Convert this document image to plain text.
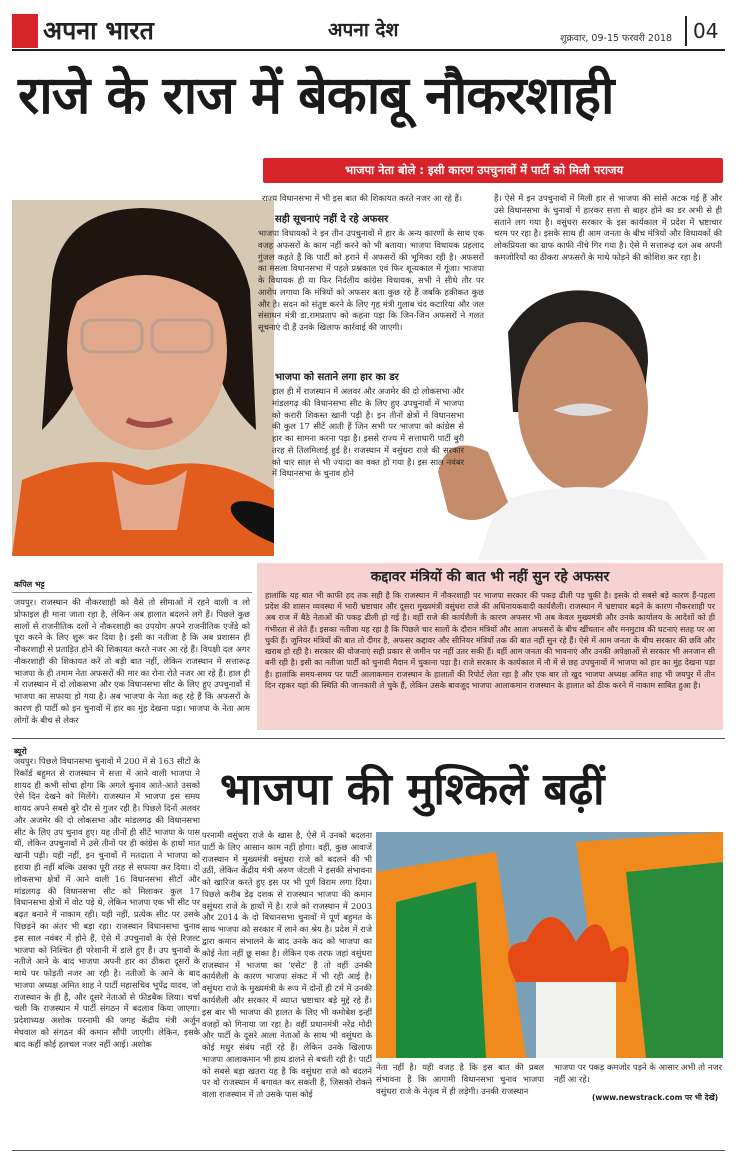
अपना भारत	अपना देश	शुक्रवार, 09-15 फरवरी 2018 04
राजे के राज में बेकाबू नौकरशाही
भाजपा नेता बोले : इसी कारण उपचुनावों में पार्टी को मिली पराजय
राज्य विधानसभा में भी इस बात की शिकायत करते नजर आ रहे हैं।
सही सूचनाएं नहीं दे रहे अफसर
भाजपा विधायकों ने इन तीन उपचुनावों में हार के अन्य कारणों के साथ एक वजह अफसरों के काम नहीं करने को भी बताया। भाजपा विधायक प्रहलाद गुंजल कहते हैं कि पार्टी को हराने में अफसरों की भूमिका रही है। अफसरों का मसला विधानसभा में पहले प्रश्नकाल एवं फिर शून्यकाल में गूंजा। भाजपा के विधायक ही या फिर निर्दलीय कांग्रेस विधायक, सभी ने सीधे तौर पर आरोप लगाया कि मंत्रियों को अफसर बता कुछ रहे हैं जबकि हकीकत कुछ और है। सदन को संतुष्ट करने के लिए गृह मंत्री गुलाब चंद कटारिया और जल संसाधन मंत्री डा.रामप्रताप को कहना पड़ा कि जिन-जिन अफसरों ने गलत सूचनाएं दी हैं उनके खिलाफ कार्रवाई की जाएगी।
भाजपा को सताने लगा हार का डर
हाल ही में राजस्थान में अलवर और अजमेर की दो लोकसभा और मांडलगढ़ की विधानसभा सीट के लिए हुए उपचुनावों में भाजपा को करारी शिकस्त खानी पड़ी है। इन तीनों क्षेत्रों में विधानसभा की कुल 17 सीटें आती हैं जिन सभी पर भाजपा को कांग्रेस से हार का सामना करना पड़ा है। इससे राज्य में सत्ताधारी पार्टी बुरी तरह से तिलमिलाई हुई है। राजस्थान में वसुंधरा राजे की सरकार को चार साल से भी ज्यादा का वक्त हो गया है। इस साल नवंबर में विधानसभा के चुनाव होने
हैं। ऐसे में इन उपचुनावों में मिली हार से भाजपा की सांसें अटक गई हैं और उसे विधानसभा के चुनावों में हारकर सत्ता से बाहर होने का डर अभी से ही सताने लग गया है। वसुंधरा सरकार के इस कार्यकाल में प्रदेश में भ्रष्टाचार चरम पर रहा है। इसके साथ ही आम जनता के बीच मंत्रियों और विधायकों की लोकप्रियता का ग्राफ काफी नीचे गिर गया है। ऐसे में सत्तारूढ़ दल अब अपनी कमजोरियों का ठीकरा अफसरों के माथे फोड़ने की कोशिश कर रहा है।
कपिल भट्ट
जयपुर। राजस्थान की नौकरशाही को वैसे तो सीमाओं में रहने वाली व लो प्रोफाइल ही माना जाता रहा है, लेकिन अब हालात बदलने लगे हैं। पिछले कुछ सालों से राजनीतिक दलों ने नौकरशाही का उपयोग अपने राजनीतिक एजेंडे को पूरा करने के लिए शुरू कर दिया है। इसी का नतीजा है कि अब प्रशासन ही नौकरशाही से प्रताड़ित होने की शिकायत करते नजर आ रहे हैं। विपक्षी दल अगर नौकरशाही की शिकायत करें तो बड़ी बात नहीं, लेकिन राजस्थान में सत्तारूढ़ भाजपा के ही तमाम नेता अफसरों की मार का रोना रोते नजर आ रहे हैं। हाल ही में राजस्थान में दो लोकसभा और एक विधानसभा सीट के लिए हुए उपचुनावों में भाजपा का सफाया हो गया है। अब भाजपा के नेता कह रहे हैं कि अफसरों के कारण ही पार्टी को इन चुनावों में हार का मुंह देखना पड़ा। भाजपा के नेता आम लोगों के बीच से लेकर
कद्दावर मंत्रियों की बात भी नहीं सुन रहे अफसर
हालांकि यह बात भी काफी हद तक सही है कि राजस्थान में नौकरशाही पर भाजपा सरकार की पकड़ ढीली पड़ चुकी है। इसके दो सबसे बड़े कारण हैं-पहला प्रदेश की शासन व्यवस्था में भारी भ्रष्टाचार और दूसरा मुख्यमंत्री वसुंधरा राजे की अधिनायकवादी कार्यशैली। राजस्थान में भ्रष्टाचार बढ़ने के कारण नौकरशाही पर अब राज में बैठे नेताओं की पकड़ ढीली हो गई है। वहीं राजे की कार्यशैली के कारण अफसर भी अब केवल मुख्यमंत्री और उनके कार्यालय के आदेशों को ही गंभीरता से लेते हैं। इसका नतीजा यह रहा है कि पिछले चार सालों के दौरान मंत्रियों और आला अफसरों के बीच खींचतान और मनमुटाव की घटनाएं सतह पर आ चुकी हैं। जूनियर मंत्रियों की बात तो दीगर है, अफसर कद्दावर और सीनियर मंत्रियों तक की बात नहीं सुन रहे हैं। ऐसे में आम जनता के बीच सरकार की छवि और खराब हो रही है। सरकार की योजनाएं सही प्रकार से जमीन पर नहीं उतर सकी हैं। वहीं आम जनता की भावनाएं और उनकी अपेक्षाओं से सरकार भी अनजान सी बनी रही है। इसी का नतीजा पार्टी को चुनावी मैदान में चुकाना पड़ा है। राजे सरकार के कार्यकाल में नौ में से छह उपचुनावों में भाजपा को हार का मुंह देखना पड़ा है। हालांकि समय-समय पर पार्टी आलाकमान राजस्थान के हालातों की रिपोर्ट लेता रहा है और एक बार तो खुद भाजपा अध्यक्ष अमित शाह भी जयपुर में तीन दिन रहकर यहां की स्थिति की जानकारी ले चुके हैं, लेकिन उसके बावजूद भाजपा आलाकमान राजस्थान के हालात को ठीक करने में नाकाम साबित हुआ है।
ब्यूरो
भाजपा की मुश्किलें बढ़ीं
जयपुर। पिछले विधानसभा चुनावों में 200 में से 163 सीटों के रिकॉर्ड बहुमत से राजस्थान में सत्ता में आने वाली भाजपा ने शायद ही कभी सोचा होगा कि अगले चुनाव आते-आते उसको ऐसे दिन देखने को मिलेंगे। राजस्थान में भाजपा इस समय शायद अपने सबसे बुरे दौर से गुजर रही है। पिछले दिनों अलवर और अजमेर की दो लोकसभा और मांडलगढ़ की विधानसभा सीट के लिए उप चुनाव हुए। यह तीनों ही सीटें भाजपा के पास थीं, लेकिन उपचुनावों में उसे तीनों पर ही कांग्रेस के हाथों मात खानी पड़ी। यही नहीं, इन चुनावों में मतदाता ने भाजपा को हराया ही नहीं बल्कि उसका पूरी तरह से सफाया कर दिया। दो लोकसभा क्षेत्रों में आने वाली 16 विधानसभा सीटों और मांडलगढ़ की विधानसभा सीट को मिलाकर कुल 17 विधानसभा क्षेत्रों में वोट पड़े थे, लेकिन भाजपा एक भी सीट पर बढ़त बनाने में नाकाम रही। यही नहीं, प्रत्येक सीट पर उसके पिछड़ने का अंतर भी बड़ा रहा। राजस्थान विधानसभा चुनाव इस साल नवंबर में होने हैं, ऐसे में उपचुनावों के ऐसे रिजल्ट भाजपा को निश्चित ही परेशानी में डाले हुए हैं। उप चुनावों के नतीजे आने के बाद भाजपा अपनी हार का ठीकरा दूसरों के माथे पर फोड़ती नजर आ रही है। नतीजों के आने के बाद भाजपा अध्यक्ष अमित शाह ने पार्टी महासचिव भूपेंद्र यादव, जो राजस्थान के ही हैं, और दूसरे नेताओं से फीडबैक लिया। चर्चा चली कि राजस्थान में पार्टी संगठन में बदलाव किया जाएगा। प्रदेशाध्यक्ष अशोक परनामी की जगह केंद्रीय मंत्री अर्जुन मेघवाल को संगठन की कमान सौंपी जाएगी। लेकिन, इसके बाद कहीं कोई हलचल नजर नहीं आई। अशोक
परनामी वसुंधरा राजे के खास है, ऐसे में उनको बदलना पार्टी के लिए आसान काम नहीं होगा। वहीं, कुछ आवाजें राजस्थान में मुख्यमंत्री वसुंधरा राजे को बदलने की भी उठीं, लेकिन केंद्रीय मंत्री अरुण जेटली ने इसकी संभावना को खारिज करते हुए इस पर भी पूर्ण विराम लगा दिया। पिछले करीब डेढ़ दशक से राजस्थान भाजपा की कमान वसुंधरा राजे के हाथों में है। राजे को राजस्थान में 2003 और 2014 के दो विधानसभा चुनावों में पूर्ण बहुमत के साथ भाजपा को सरकार में लाने का श्रेय है। प्रदेश में राजे द्वारा कमान संभालने के बाद उनके कद को भाजपा का कोई नेता नहीं छू सका है। लेकिन एक तरफ जहां वसुंधरा राजस्थान में भाजपा का 'एसेट' हैं तो वहीं उनकी कार्यशैली के कारण भाजपा संकट में भी रही आई है। वसुंधरा राजे के मुख्यमंत्री के रूप में दोनों ही टर्म में उनकी कार्यशैली और सरकार में व्याप्त भ्रष्टाचार बड़े मुद्दे रहे हैं। इस बार भी भाजपा की हालत के लिए भी कमोबेश इन्हीं वजहों को गिनाया जा रहा है। वहीं प्रधानमंत्री नरेंद्र मोदी और पार्टी के दूसरे आला नेताओं के साथ भी वसुंधरा के कोई मधुर संबंध नहीं रहे हैं। लेकिन उनके खिलाफ भाजपा आलाकमान भी हाथ डालने से बचती रही है। पार्टी को सबसे बड़ा खतरा यह है कि वसुंधरा राजे को बदलने पर वो राजस्थान में बगावत कर सकती हैं, जिसको रोकने वाला राजस्थान में तो उसके पास कोई
नेता नहीं है। यही वजह है कि इस बात की प्रबल संभावना है कि आगामी विधानसभा चुनाव भाजपा वसुंधरा राजे के नेतृत्व में ही लड़ेगी। उनकी राजस्थान
भाजपा पर पकड़ कमजोर पड़ने के आसार अभी तो नजर नहीं आ रहे।
(www.newstrack.com पर भी देखें)
